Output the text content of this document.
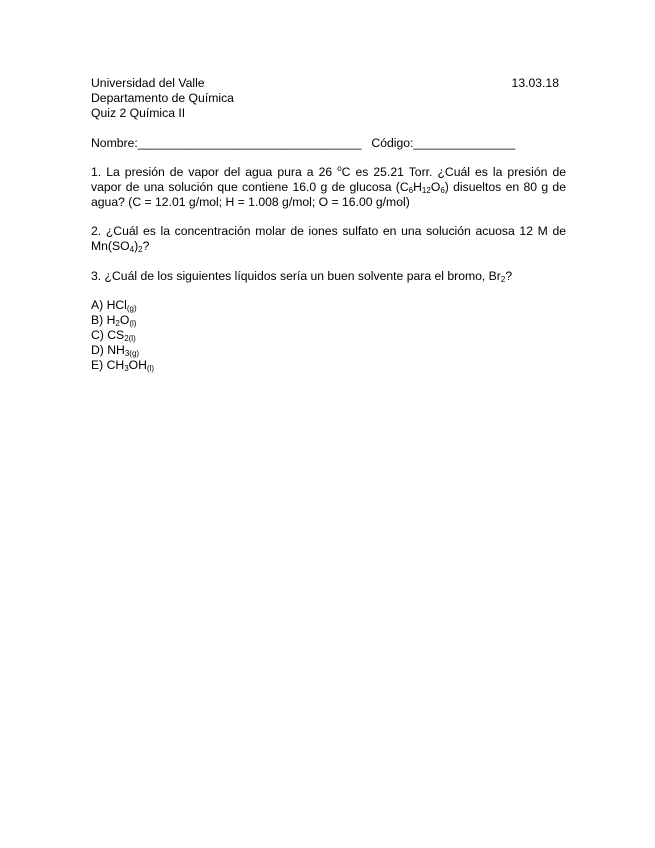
Universidad del Valle
Departamento de Química
Quiz 2 Química II
13.03.18
Nombre:_________________________________ Código:_______________

1. La presión de vapor del agua pura a 26 $^o$C es 25.21 Torr. ¿Cuál es la presión de vapor de una solución que contiene 16.0 g de glucosa $(C_6H_{12}O_6)$ disueltos en 80 g de agua? (C = 12.01 g/mol; H = 1.008 g/mol; O = 16.00 g/mol)

2. ¿Cuál es la concentración molar de iones sulfato en una solución acuosa 12 M de $Mn(SO_4)_2$?

3. ¿Cuál de los siguientes líquidos sería un buen solvente para el bromo, $Br_2$?

A) HCl$_{(g)}$
B) $H_2O_{(l)}$
C) $CS_{2(l)}$
D) $NH_{3(g)}$
E) $CH_3OH_{(l)}$
